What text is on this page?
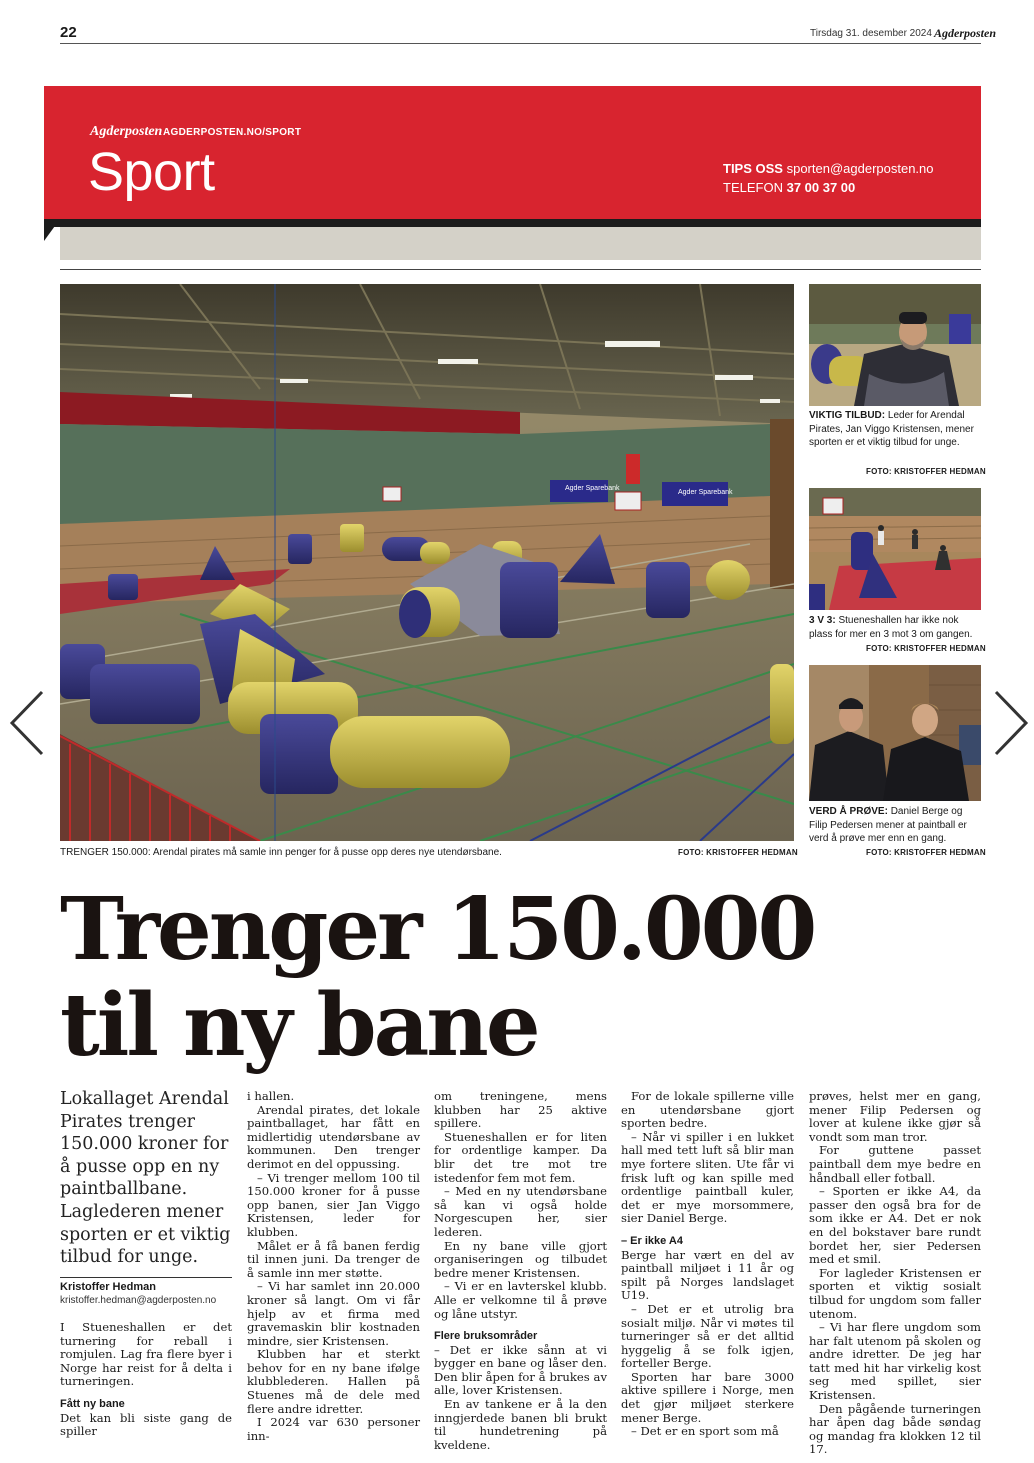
22	Tirsdag 31. desember 2024 Agderposten
Agderposten AGDERPOSTEN.NO/SPORT
Sport	TIPS OSS sporten@agderposten.no
TELEFON 37 00 37 00
Agder Sparebank
Agder Sparebank
TRENGER 150.000: Arendal pirates må samle inn penger for å pusse opp deres nye utendørsbane.	FOTO: KRISTOFFER HEDMAN
VIKTIG TILBUD: Leder for Arendal Pirates, Jan Viggo Kristensen, mener sporten er et viktig tilbud for unge.
FOTO: KRISTOFFER HEDMAN
3 V 3: Stueneshallen har ikke nok plass for mer en 3 mot 3 om gangen.
FOTO: KRISTOFFER HEDMAN
VERD Å PRØVE: Daniel Berge og Filip Pedersen mener at paintball er verd å prøve mer enn en gang.
FOTO: KRISTOFFER HEDMAN
Trenger 150.000
til ny bane
Lokallaget Arendal Pirates trenger 150.000 kroner for å pusse opp en ny paintballbane. Laglederen mener sporten er et viktig tilbud for unge.
Kristoffer Hedman
kristoffer.hedman@agderposten.no

I Stueneshallen er det turnering for reball i romjulen. Lag fra flere byer i Norge har reist for å delta i turneringen.

Fått ny bane

Det kan bli siste gang de spiller

i hallen.

Arendal pirates, det lokale paintballaget, har fått en midlertidig utendørsbane av kommunen. Den trenger derimot en del oppussing.

– Vi trenger mellom 100 til 150.000 kroner for å pusse opp banen, sier Jan Viggo Kristensen, leder for klubben.

Målet er å få banen ferdig til innen juni. Da trenger de å samle inn mer støtte.

– Vi har samlet inn 20.000 kroner så langt. Om vi får hjelp av et firma med gravemaskin blir kostnaden mindre, sier Kristensen.

Klubben har et sterkt behov for en ny bane ifølge klubblederen. Hallen på Stuenes må de dele med flere andre idretter.

I 2024 var 630 personer inn-

om treningene, mens klubben har 25 aktive spillere.

Stueneshallen er for liten for ordentlige kamper. Da blir det tre mot tre istedenfor fem mot fem.

– Med en ny utendørsbane så kan vi også holde Norgescupen her, sier lederen.

En ny bane ville gjort organiseringen og tilbudet bedre mener Kristensen.

– Vi er en lavterskel klubb. Alle er velkomne til å prøve og låne utstyr.

Flere bruksområder

– Det er ikke sånn at vi bygger en bane og låser den. Den blir åpen for å brukes av alle, lover Kristensen.

En av tankene er å la den inngjerdede banen bli brukt til hundetrening på kveldene.

For de lokale spillerne ville en utendørsbane gjort sporten bedre.

– Når vi spiller i en lukket hall med tett luft så blir man mye fortere sliten. Ute får vi frisk luft og kan spille med ordentlige paintball kuler, det er mye morsommere, sier Daniel Berge.

– Er ikke A4

Berge har vært en del av paintball miljøet i 11 år og spilt på Norges landslaget U19.

– Det er et utrolig bra sosialt miljø. Når vi møtes til turneringer så er det alltid hyggelig å se folk igjen, forteller Berge.

Sporten har bare 3000 aktive spillere i Norge, men det gjør miljøet sterkere mener Berge.

– Det er en sport som må

prøves, helst mer en gang, mener Filip Pedersen og lover at kulene ikke gjør så vondt som man tror.

For guttene passet paintball dem mye bedre en håndball eller fotball.

– Sporten er ikke A4, da passer den også bra for de som ikke er A4. Det er nok en del bokstaver bare rundt bordet her, sier Pedersen med et smil.

For lagleder Kristensen er sporten et viktig sosialt tilbud for ungdom som faller utenom.

– Vi har flere ungdom som har falt utenom på skolen og andre idretter. De jeg har tatt med hit har virkelig kost seg med spillet, sier Kristensen.

Den pågående turneringen har åpen dag både søndag og mandag fra klokken 12 til 17.
